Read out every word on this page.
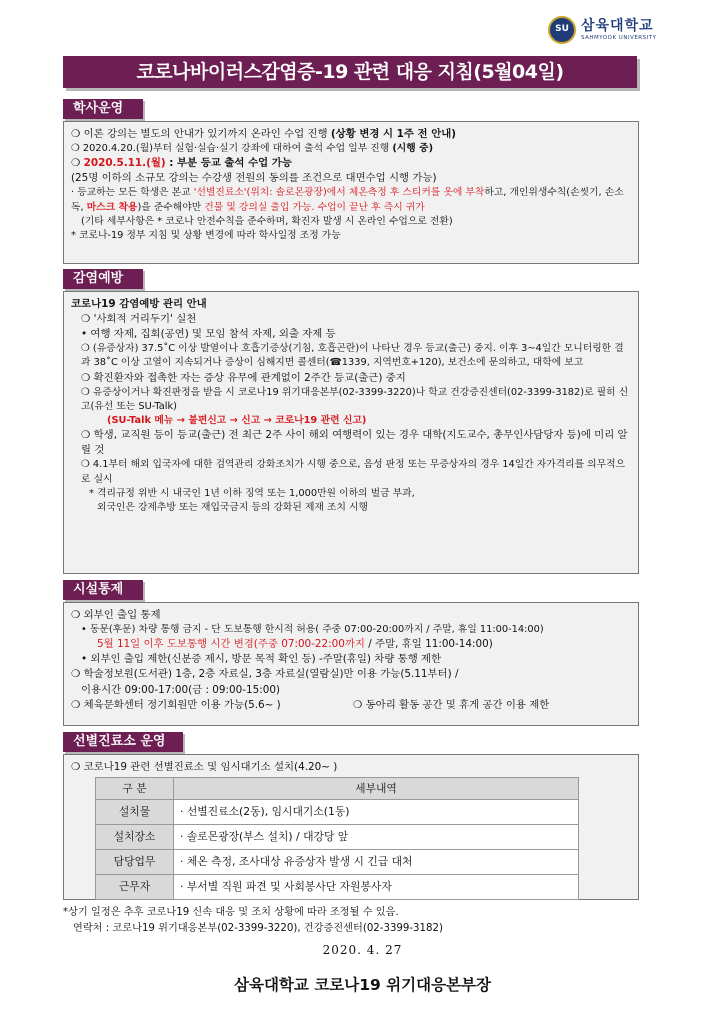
SU 삼육대학교
SAHMYOOK UNIVERSITY
코로나바이러스감염증-19 관련 대응 지침(5월04일)
학사운영

❍ 이론 강의는 별도의 안내가 있기까지 온라인 수업 진행 (상황 변경 시 1주 전 안내)

❍ 2020.4.20.(월)부터 실험·실습·실기 강좌에 대하여 출석 수업 일부 진행 (시행 중)

❍ 2020.5.11.(월) : 부분 등교 출석 수업 가능

(25명 이하의 소규모 강의는 수강생 전원의 동의를 조건으로 대면수업 시행 가능)

· 등교하는 모든 학생은 본교 '선별진료소'(위치: 솔로몬광장)에서 체온측정 후 스티커를 옷에 부착하고, 개인위생수칙(손씻기, 손소독, 마스크 착용)을 준수해야만 건물 및 강의실 출입 가능. 수업이 끝난 후 즉시 귀가

(기타 세부사항은 * 코로나 안전수칙을 준수하며, 확진자 발생 시 온라인 수업으로 전환)

* 코로나-19 정부 지침 및 상황 변경에 따라 학사일정 조정 가능

감염예방

코로나19 감염예방 관리 안내

❍ '사회적 거리두기' 실천

• 여행 자제, 집회(공연) 및 모임 참석 자제, 외출 자제 등

❍ (유증상자) 37.5˚C 이상 발열이나 호흡기증상(기침, 호흡곤란)이 나타난 경우 등교(출근) 중지. 이후 3~4일간 모니터링한 결과 38˚C 이상 고열이 지속되거나 증상이 심해지면 콜센터(☎1339, 지역번호+120), 보건소에 문의하고, 대학에 보고

❍ 확진환자와 접촉한 자는 증상 유무에 관계없이 2주간 등교(출근) 중지

❍ 유증상이거나 확진판정을 받을 시 코로나19 위기대응본부(02-3399-3220)나 학교 건강증진센터(02-3399-3182)로 필히 신고(유선 또는 SU-Talk)

(SU-Talk 메뉴 → 불편신고 → 신고 → 코로나19 관련 신고)

❍ 학생, 교직원 등이 등교(출근) 전 최근 2주 사이 해외 여행력이 있는 경우 대학(지도교수, 총무인사담당자 등)에 미리 알릴 것

❍ 4.1부터 해외 입국자에 대한 검역관리 강화조치가 시행 중으로, 음성 판정 또는 무증상자의 경우 14일간 자가격리를 의무적으로 실시

* 격리규정 위반 시 내국인 1년 이하 징역 또는 1,000만원 이하의 벌금 부과,

외국인은 강제추방 또는 재입국금지 등의 강화된 제재 조치 시행

시설통제

❍ 외부인 출입 통제

• 동문(후문) 차량 통행 금지 - 단 도보통행 한시적 허용( 주중 07:00-20:00까지 / 주말, 휴일 11:00-14:00)

5월 11일 이후 도보통행 시간 변경(주중 07:00-22:00까지 / 주말, 휴일 11:00-14:00)

• 외부인 출입 제한(신분증 제시, 방문 목적 확인 등) -주말(휴일) 차량 통행 제한

❍ 학술정보원(도서관) 1층, 2층 자료실, 3층 자료실(열람실)만 이용 가능(5.11부터) /

이용시간 09:00-17:00(금 : 09:00-15:00)

❍ 체육문화센터 정기회원만 이용 가능(5.6~ )	❍ 동아리 활동 공간 및 휴게 공간 이용 제한

선별진료소 운영

❍ 코로나19 관련 선별진료소 및 임시대기소 설치(4.20~ )

구 분	세부내역
설치물	· 선별진료소(2동), 임시대기소(1동)
설치장소	· 솔로몬광장(부스 설치) / 대강당 앞
담당업무	· 체온 측정, 조사대상 유증상자 발생 시 긴급 대처
근무자	· 부서별 직원 파견 및 사회봉사단 자원봉사자

*상기 일정은 추후 코로나19 신속 대응 및 조치 상황에 따라 조정될 수 있음.

연락처 : 코로나19 위기대응본부(02-3399-3220), 건강증진센터(02-3399-3182)

2020. 4. 27
삼육대학교 코로나19 위기대응본부장
